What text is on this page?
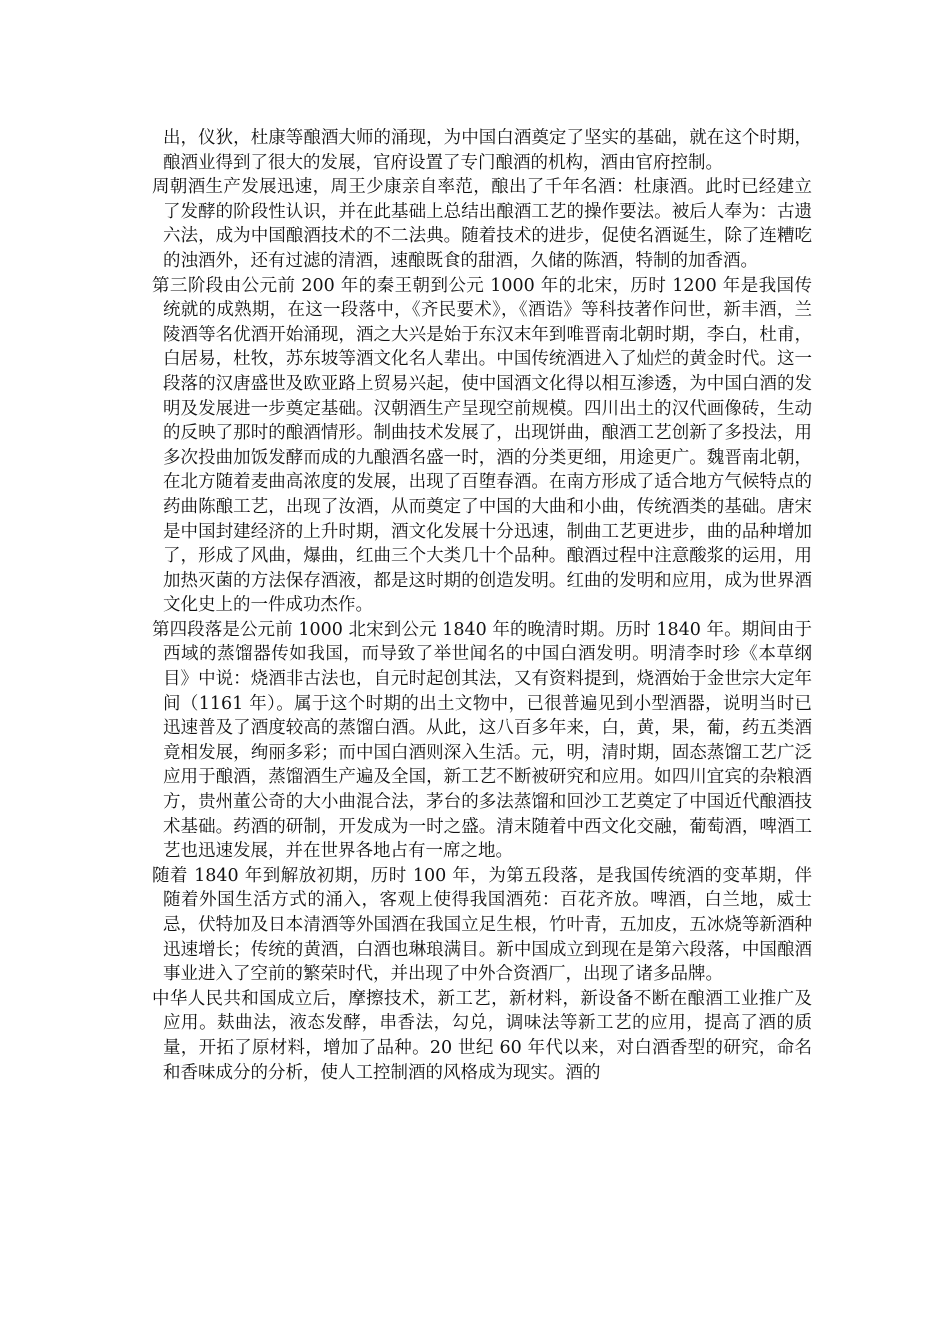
出，仪狄，杜康等酿酒大师的涌现，为中国白酒奠定了坚实的基础，就在这个时期，酿酒业得到了很大的发展，官府设置了专门酿酒的机构，酒由官府控制。

周朝酒生产发展迅速，周王少康亲自率范，酿出了千年名酒：杜康酒。此时已经建立了发酵的阶段性认识，并在此基础上总结出酿酒工艺的操作要法。被后人奉为：古遗六法，成为中国酿酒技术的不二法典。随着技术的进步，促使名酒诞生，除了连糟吃的浊酒外，还有过滤的清酒，速酿既食的甜酒，久储的陈酒，特制的加香酒。

第三阶段由公元前 200 年的秦王朝到公元 1000 年的北宋，历时 1200 年是我国传统就的成熟期，在这一段落中，《齐民要术》，《酒诰》等科技著作问世，新丰酒，兰陵酒等名优酒开始涌现，酒之大兴是始于东汉末年到唯晋南北朝时期，李白，杜甫，白居易，杜牧，苏东坡等酒文化名人辈出。中国传统酒进入了灿烂的黄金时代。这一段落的汉唐盛世及欧亚路上贸易兴起，使中国酒文化得以相互渗透，为中国白酒的发明及发展进一步奠定基础。汉朝酒生产呈现空前规模。四川出土的汉代画像砖，生动的反映了那时的酿酒情形。制曲技术发展了，出现饼曲，酿酒工艺创新了多投法，用多次投曲加饭发酵而成的九酿酒名盛一时，酒的分类更细，用途更广。魏晋南北朝，在北方随着麦曲高浓度的发展，出现了百堕春酒。在南方形成了适合地方气候特点的药曲陈酿工艺，出现了汝酒，从而奠定了中国的大曲和小曲，传统酒类的基础。唐宋是中国封建经济的上升时期，酒文化发展十分迅速，制曲工艺更进步，曲的品种增加了，形成了风曲，爆曲，红曲三个大类几十个品种。酿酒过程中注意酸浆的运用，用加热灭菌的方法保存酒液，都是这时期的创造发明。红曲的发明和应用，成为世界酒文化史上的一件成功杰作。

第四段落是公元前 1000 北宋到公元 1840 年的晚清时期。历时 1840 年。期间由于西域的蒸馏器传如我国，而导致了举世闻名的中国白酒发明。明清李时珍《本草纲目》中说：烧酒非古法也，自元时起创其法，又有资料提到，烧酒始于金世宗大定年间（1161 年）。属于这个时期的出土文物中，已很普遍见到小型酒器，说明当时已迅速普及了酒度较高的蒸馏白酒。从此，这八百多年来，白，黄，果，葡，药五类酒竟相发展，绚丽多彩；而中国白酒则深入生活。元，明，清时期，固态蒸馏工艺广泛应用于酿酒，蒸馏酒生产遍及全国，新工艺不断被研究和应用。如四川宜宾的杂粮酒方，贵州董公奇的大小曲混合法，茅台的多法蒸馏和回沙工艺奠定了中国近代酿酒技术基础。药酒的研制，开发成为一时之盛。清末随着中西文化交融，葡萄酒，啤酒工艺也迅速发展，并在世界各地占有一席之地。

随着 1840 年到解放初期，历时 100 年，为第五段落，是我国传统酒的变革期，伴随着外国生活方式的涌入，客观上使得我国酒苑：百花齐放。啤酒，白兰地，威士忌，伏特加及日本清酒等外国酒在我国立足生根，竹叶青，五加皮，五冰烧等新酒种迅速增长；传统的黄酒，白酒也琳琅满目。新中国成立到现在是第六段落，中国酿酒事业进入了空前的繁荣时代，并出现了中外合资酒厂，出现了诸多品牌。

中华人民共和国成立后，摩擦技术，新工艺，新材料，新设备不断在酿酒工业推广及应用。麸曲法，液态发酵，串香法，勾兑，调味法等新工艺的应用，提高了酒的质量，开拓了原材料，增加了品种。20 世纪 60 年代以来，对白酒香型的研究，命名和香味成分的分析，使人工控制酒的风格成为现实。酒的
